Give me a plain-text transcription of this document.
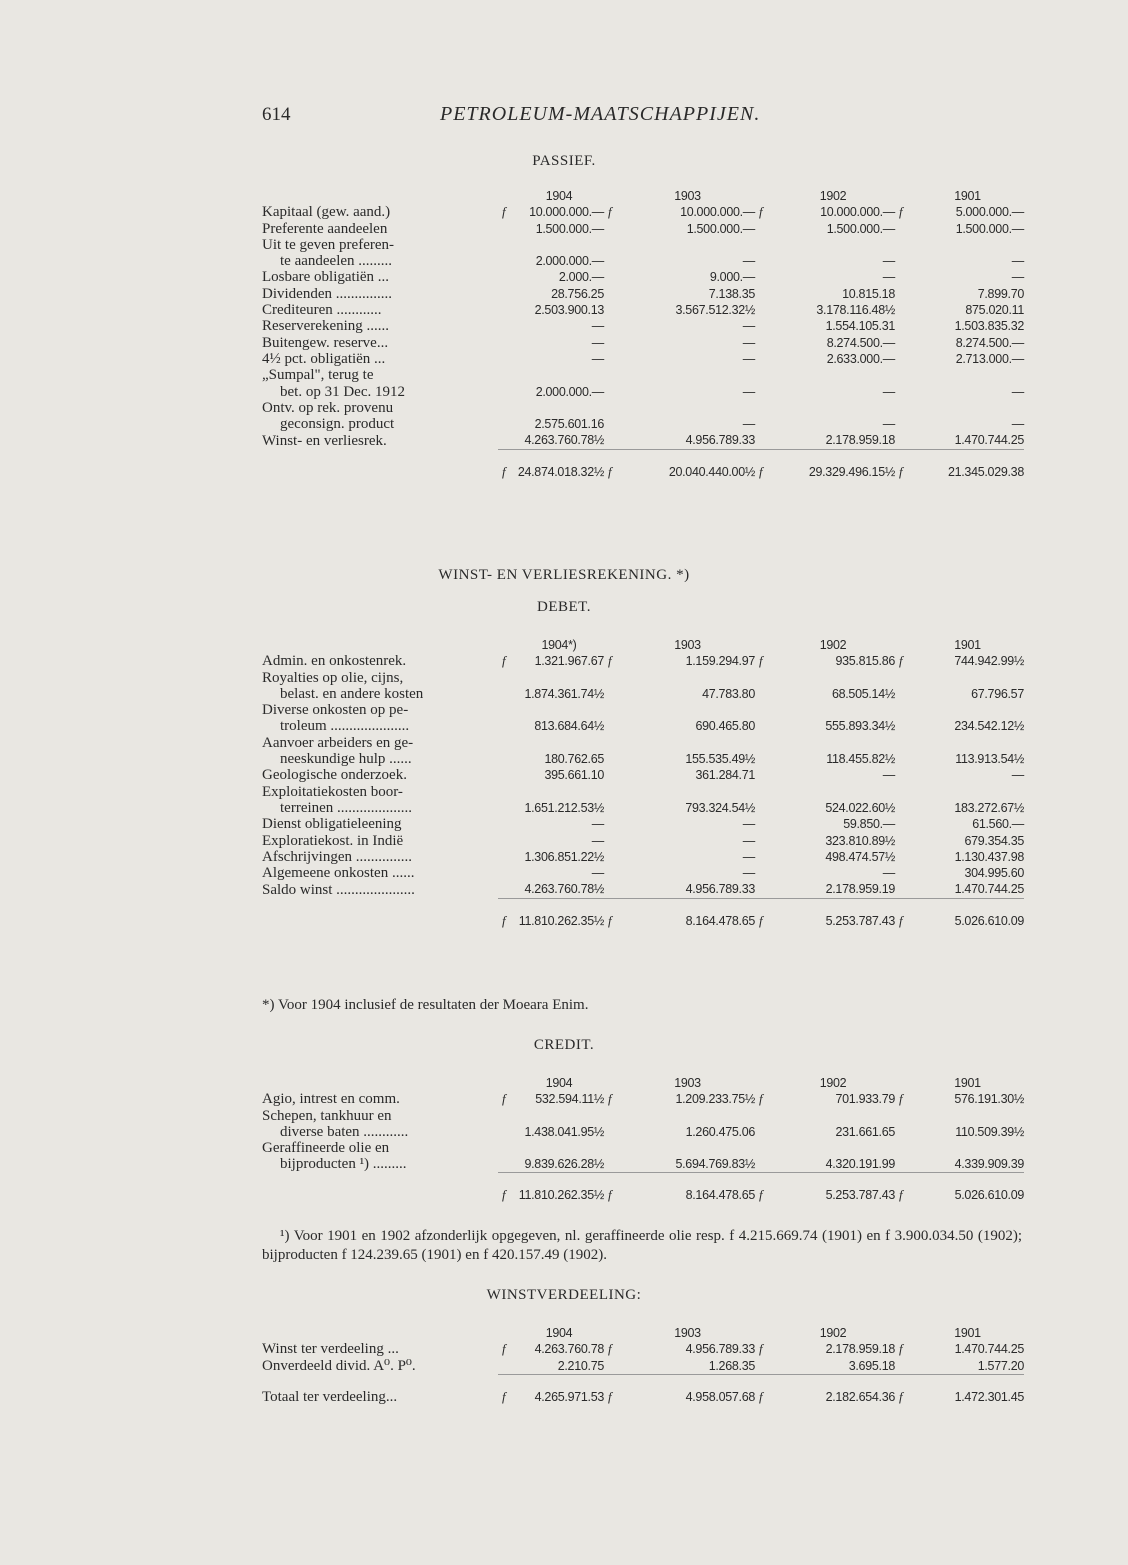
614	PETROLEUM-MAATSCHAPPIJEN.
PASSIEF.
		1904		1903		1902		1901

Kapitaal (gew. aand.)	f	10.000.000.—	f	10.000.000.—	f	10.000.000.—	f	5.000.000.—

Preferente aandeelen		1.500.000.—		1.500.000.—		1.500.000.—		1.500.000.—

Uit te geven preferen-
te aandeelen .........		2.000.000.—		—		—		—

Losbare obligatiën ...		2.000.—		9.000.—		—		—

Dividenden ...............		28.756.25		7.138.35		10.815.18		7.899.70

Crediteuren ............		2.503.900.13		3.567.512.32½		3.178.116.48½		875.020.11

Reserverekening ......		—		—		1.554.105.31		1.503.835.32

Buitengew. reserve...		—		—		8.274.500.—		8.274.500.—

4½ pct. obligatiën ...		—		—		2.633.000.—		2.713.000.—

„Sumpal", terug te
bet. op 31 Dec. 1912		2.000.000.—		—		—		—

Ontv. op rek. provenu
geconsign. product		2.575.601.16		—		—		—

Winst- en verliesrek.		4.263.760.78½		4.956.789.33		2.178.959.18		1.470.744.25
	f	24.874.018.32½	f	20.040.440.00½	f	29.329.496.15½	f	21.345.029.38
WINST- EN VERLIESREKENING. *)
DEBET.
		1904*)		1903		1902		1901

Admin. en onkostenrek.	f	1.321.967.67	f	1.159.294.97	f	935.815.86	f	744.942.99½

Royalties op olie, cijns,
belast. en andere kosten		1.874.361.74½		47.783.80		68.505.14½		67.796.57

Diverse onkosten op pe-
troleum .....................		813.684.64½		690.465.80		555.893.34½		234.542.12½

Aanvoer arbeiders en ge-
neeskundige hulp ......		180.762.65		155.535.49½		118.455.82½		113.913.54½

Geologische onderzoek.		395.661.10		361.284.71		—		—

Exploitatiekosten boor-
terreinen ....................		1.651.212.53½		793.324.54½		524.022.60½		183.272.67½

Dienst obligatieleening		—		—		59.850.—		61.560.—

Exploratiekost. in Indië		—		—		323.810.89½		679.354.35

Afschrijvingen ...............		1.306.851.22½		—		498.474.57½		1.130.437.98

Algemeene onkosten ......		—		—		—		304.995.60

Saldo winst .....................		4.263.760.78½		4.956.789.33		2.178.959.19		1.470.744.25
	f	11.810.262.35½	f	8.164.478.65	f	5.253.787.43	f	5.026.610.09
*) Voor 1904 inclusief de resultaten der Moeara Enim.
CREDIT.
		1904		1903		1902		1901

Agio, intrest en comm.	f	532.594.11½	f	1.209.233.75½	f	701.933.79	f	576.191.30½

Schepen, tankhuur en
diverse baten ............		1.438.041.95½		1.260.475.06		231.661.65		110.509.39½

Geraffineerde olie en
bijproducten ¹) .........		9.839.626.28½		5.694.769.83½		4.320.191.99		4.339.909.39
	f	11.810.262.35½	f	8.164.478.65	f	5.253.787.43	f	5.026.610.09
¹) Voor 1901 en 1902 afzonderlijk opgegeven, nl. geraffineerde olie resp. f 4.215.669.74 (1901) en f 3.900.034.50 (1902); bijproducten f 124.239.65 (1901) en f 420.157.49 (1902).
WINSTVERDEELING:
		1904		1903		1902		1901

Winst ter verdeeling ...	f	4.263.760.78	f	4.956.789.33	f	2.178.959.18	f	1.470.744.25

Onverdeeld divid. A⁰. P⁰.		2.210.75		1.268.35		3.695.18		1.577.20
Totaal ter verdeeling...	f	4.265.971.53	f	4.958.057.68	f	2.182.654.36	f	1.472.301.45
